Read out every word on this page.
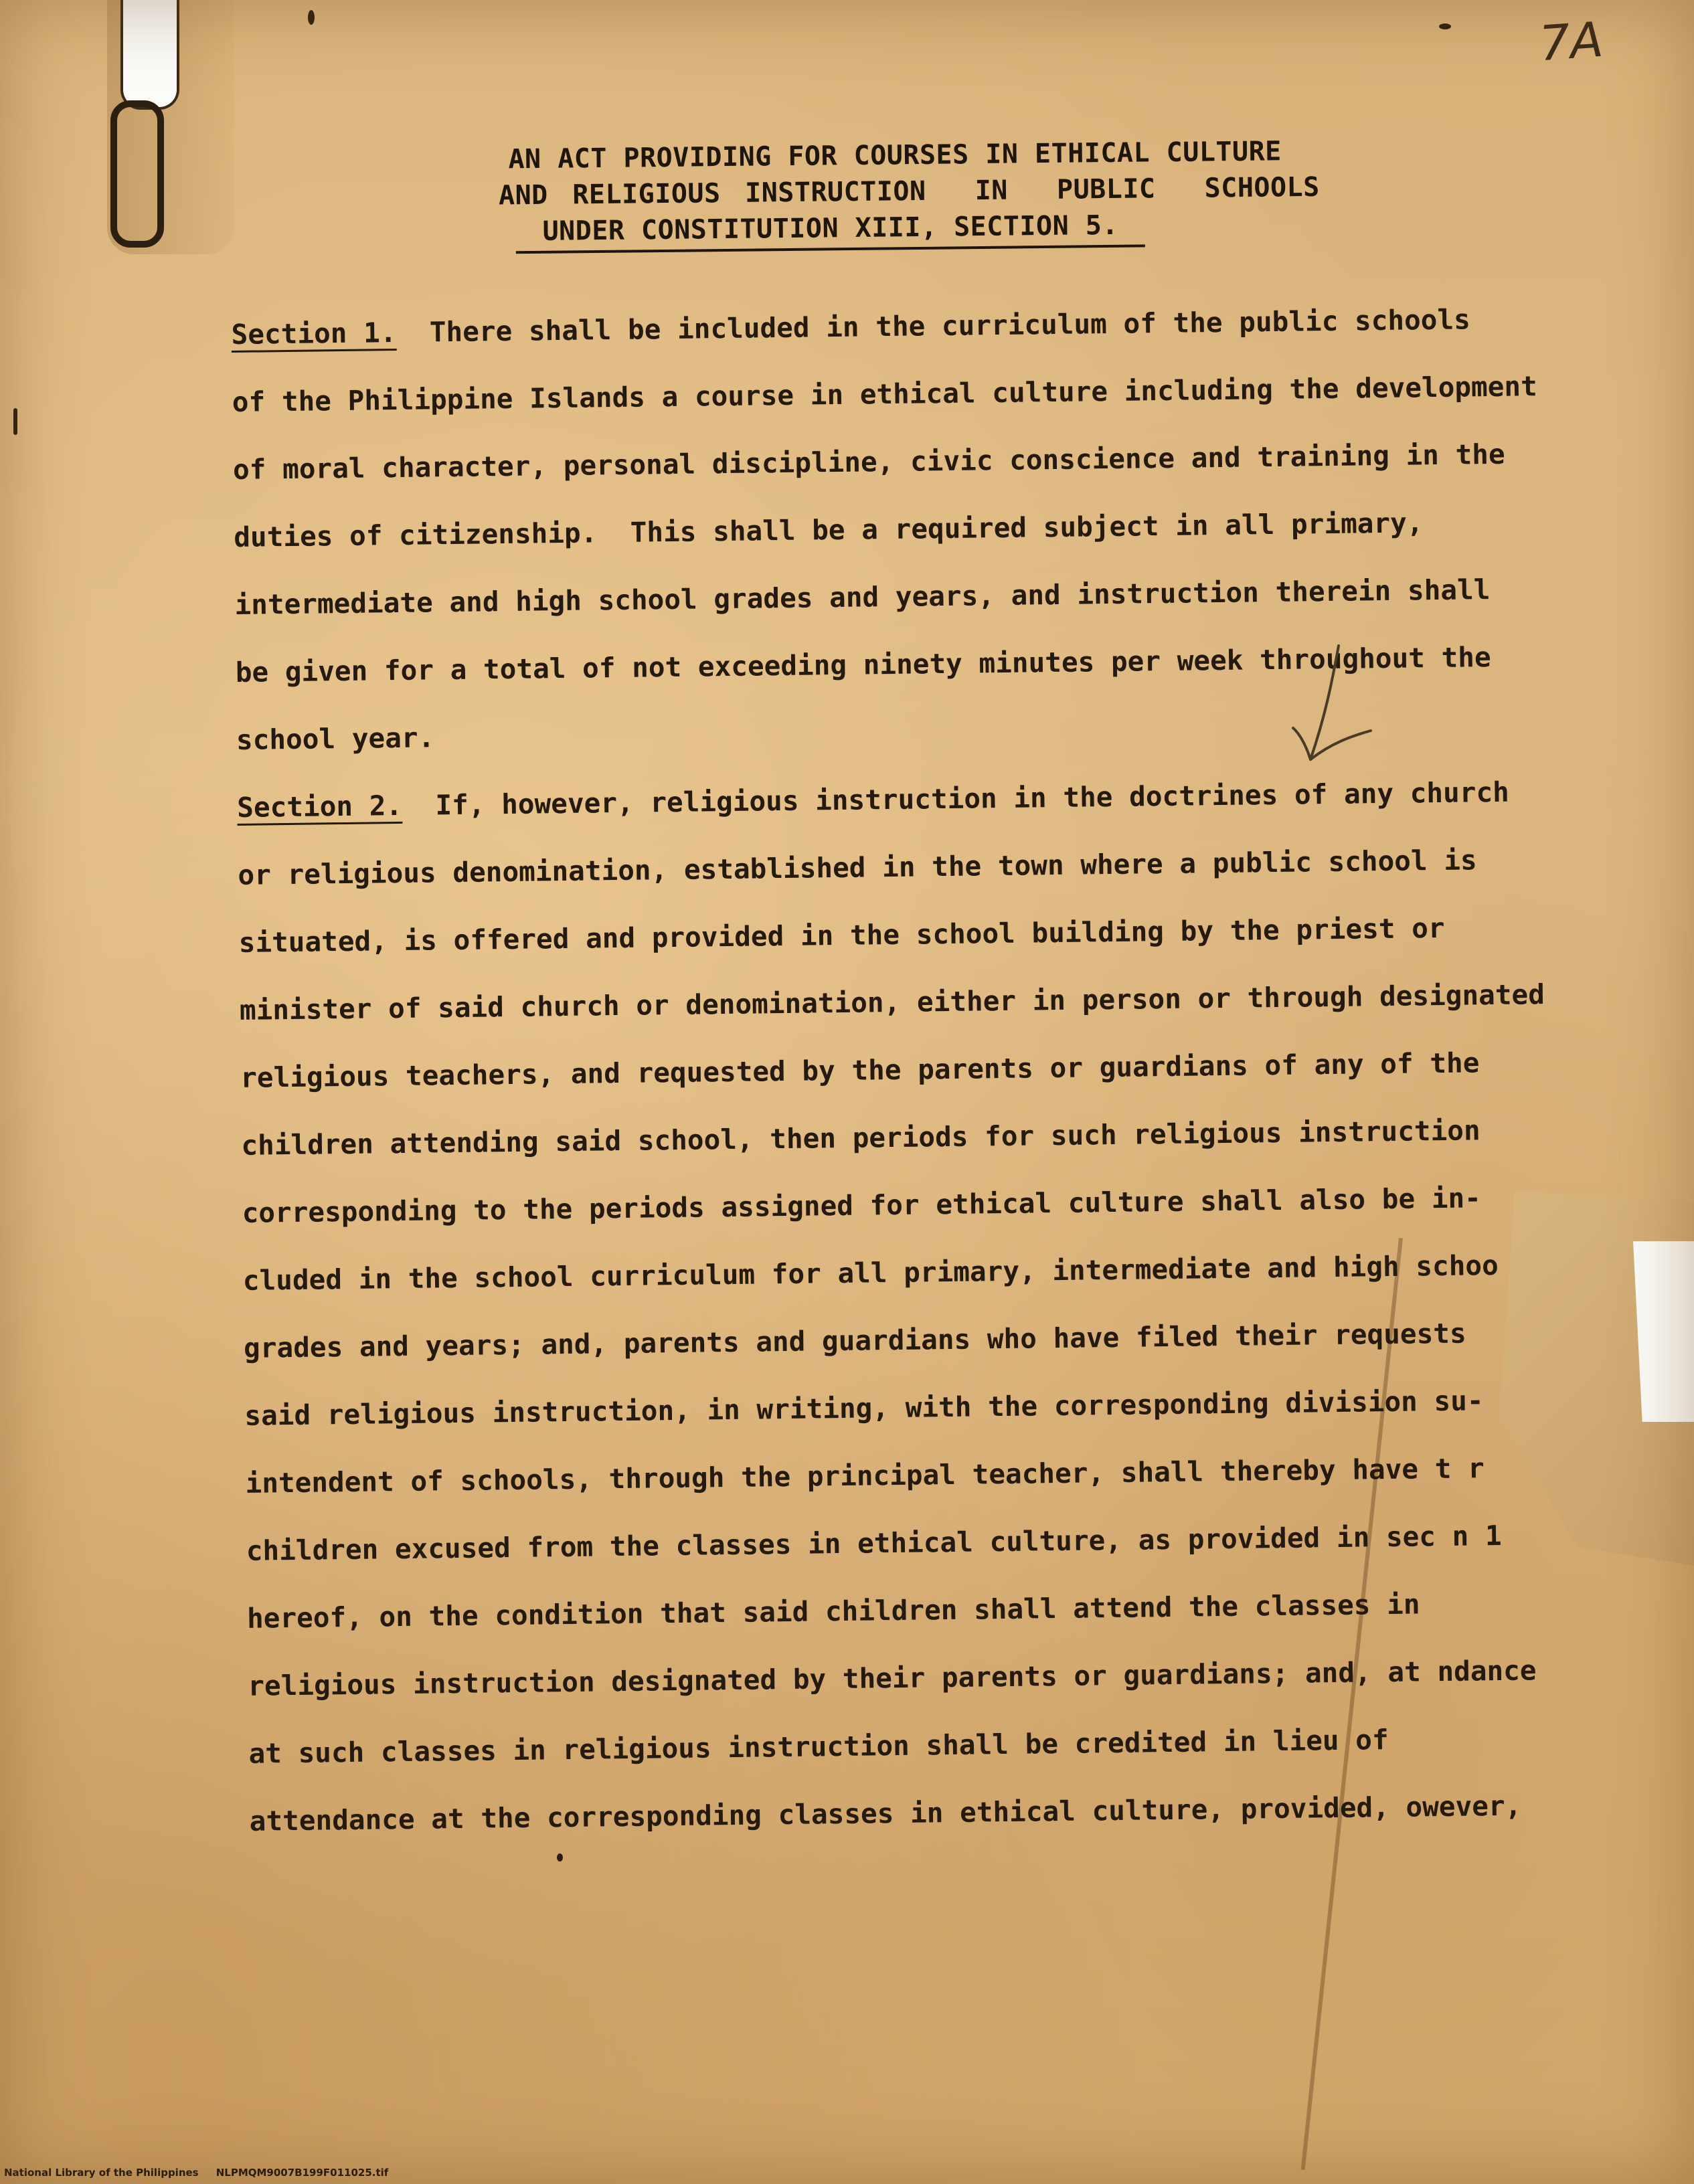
7A
AN ACT PROVIDING FOR COURSES IN ETHICAL CULTURE
AND RELIGIOUS INSTRUCTION  IN  PUBLIC  SCHOOLS
UNDER CONSTITUTION XIII, SECTION 5.
Section 1. There shall be included in the curriculum of the public schools
of the Philippine Islands a course in ethical culture including the development
of moral character, personal discipline, civic conscience and training in the
duties of citizenship.  This shall be a required subject in all primary,
intermediate and high school grades and years, and instruction therein shall
be given for a total of not exceeding ninety minutes per week throughout the
school year.
Section 2. If, however, religious instruction in the doctrines of any church
or religious denomination, established in the town where a public school is
situated, is offered and provided in the school building by the priest or
minister of said church or denomination, either in person or through designated
religious teachers, and requested by the parents or guardians of any of the
children attending said school, then periods for such religious instruction
corresponding to the periods assigned for ethical culture shall also be in-
cluded in the school curriculum for all primary, intermediate and high schoo
grades and years; and, parents and guardians who have filed their requests
said religious instruction, in writing, with the corresponding division su-
intendent of schools, through the principal teacher, shall thereby have t r
children excused from the classes in ethical culture, as provided in sec n 1
hereof, on the condition that said children shall attend the classes in
religious instruction designated by their parents or guardians; and, at ndance
at such classes in religious instruction shall be credited in lieu of
attendance at the corresponding classes in ethical culture, provided, owever,
National Library of the Philippines     NLPMQM9007B199F011025.tif
